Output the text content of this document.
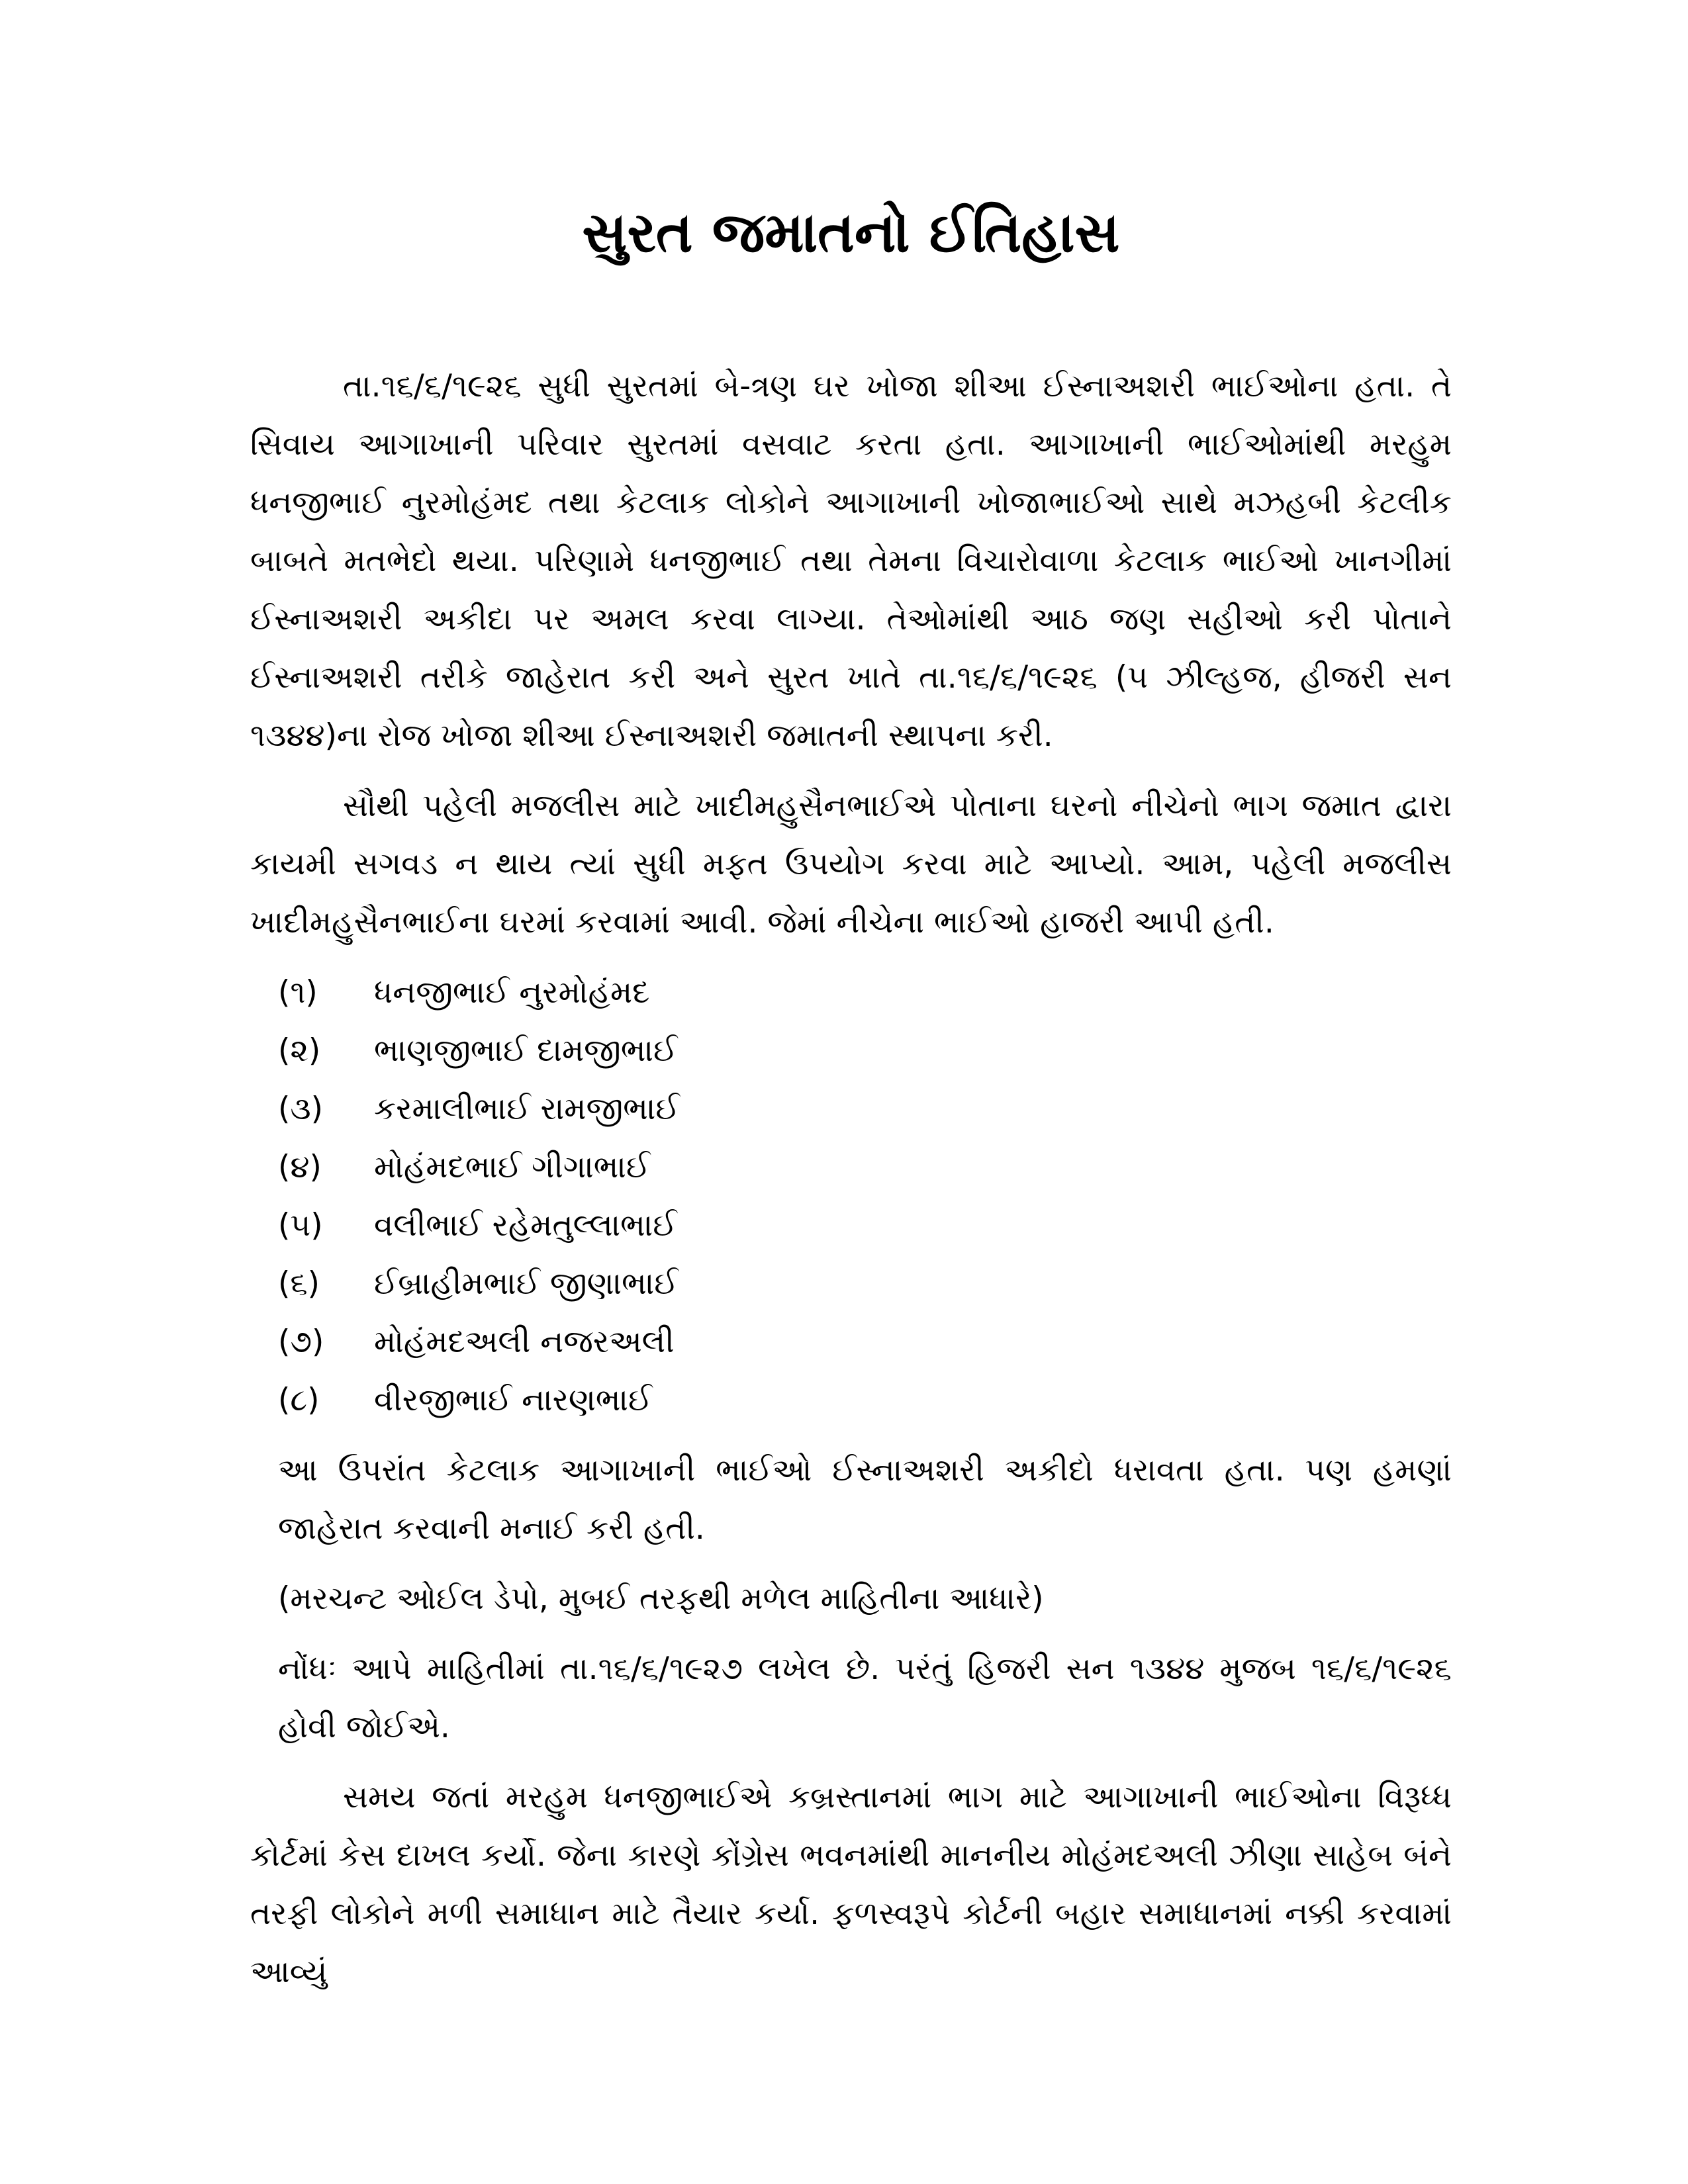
સુરત જમાતનો ઈતિહાસ

તા.૧૬/૬/૧૯૨૬ સુધી સુરતમાં બે-ત્રણ ઘર ખોજા શીઆ ઈસ્નાઅશરી ભાઈઓના હતા. તે સિવાય આગાખાની પરિવાર સુરતમાં વસવાટ કરતા હતા. આગાખાની ભાઈઓમાંથી મરહુમ ધનજીભાઈ નુરમોહંમદ તથા કેટલાક લોકોને આગાખાની ખોજાભાઈઓ સાથે મઝહબી કેટલીક બાબતે મતભેદો થયા. પરિણામે ધનજીભાઈ તથા તેમના વિચારોવાળા કેટલાક ભાઈઓ ખાનગીમાં ઈસ્નાઅશરી અકીદા પર અમલ કરવા લાગ્યા. તેઓમાંથી આઠ જણ સહીઓ કરી પોતાને ઈસ્નાઅશરી તરીકે જાહેરાત કરી અને સુરત ખાતે તા.૧૬/૬/૧૯૨૬ (૫ ઝીલ્હજ, હીજરી સન ૧૩૪૪)ના રોજ ખોજા શીઆ ઈસ્નાઅશરી જમાતની સ્થાપના કરી.

સૌથી પહેલી મજલીસ માટે ખાદીમહુસૈનભાઈએ પોતાના ઘરનો નીચેનો ભાગ જમાત દ્વારા કાયમી સગવડ ન થાય ત્યાં સુધી મફત ઉપયોગ કરવા માટે આપ્યો. આમ, પહેલી મજલીસ ખાદીમહુસૈનભાઈના ઘરમાં કરવામાં આવી. જેમાં નીચેના ભાઈઓ હાજરી આપી હતી.

(૧)	ધનજીભાઈ નુરમોહંમદ
(૨)	ભાણજીભાઈ દામજીભાઈ
(૩)	કરમાલીભાઈ રામજીભાઈ
(૪)	મોહંમદભાઈ ગીગાભાઈ
(૫)	વલીભાઈ રહેમતુલ્લાભાઈ
(૬)	ઈબ્રાહીમભાઈ જીણાભાઈ
(૭)	મોહંમદઅલી નજરઅલી
(૮)	વીરજીભાઈ નારણભાઈ

આ ઉપરાંત કેટલાક આગાખાની ભાઈઓ ઈસ્નાઅશરી અકીદો ધરાવતા હતા. પણ હમણાં જાહેરાત કરવાની મનાઈ કરી હતી.

(મરચન્ટ ઓઈલ ડેપો, મુબઈ તરફથી મળેલ માહિતીના આધારે)

નોંધઃ આપે માહિતીમાં તા.૧૬/૬/૧૯૨૭ લખેલ છે. પરંતું હિજરી સન ૧૩૪૪ મુજબ ૧૬/૬/૧૯૨૬ હોવી જોઈએ.

સમય જતાં મરહુમ ધનજીભાઈએ કબ્રસ્તાનમાં ભાગ માટે આગાખાની ભાઈઓના વિરૂધ્ધ કોર્ટમાં કેસ દાખલ કર્યો. જેના કારણે કોંગ્રેસ ભવનમાંથી માનનીય મોહંમદઅલી ઝીણા સાહેબ બંને તરફી લોકોને મળી સમાધાન માટે તૈયાર કર્યા. ફળસ્વરૂપે કોર્ટની બહાર સમાધાનમાં નક્કી કરવામાં આવ્યું
